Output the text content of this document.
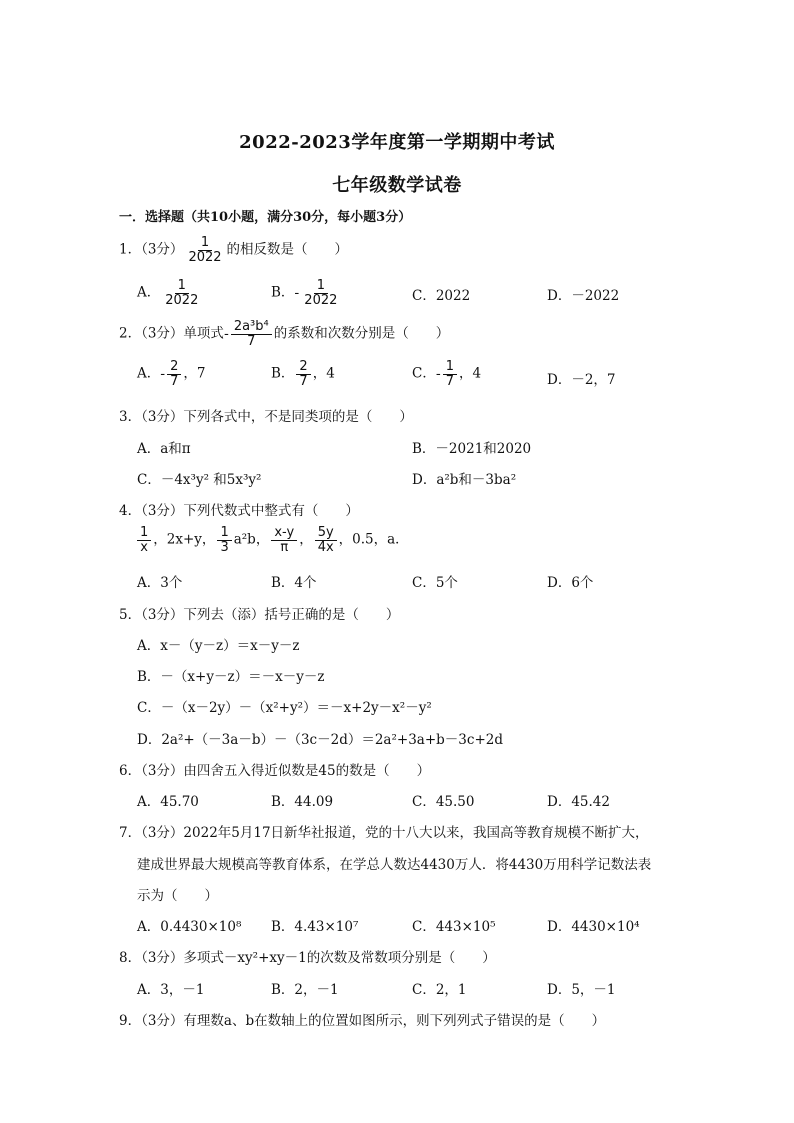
2022-2023学年度第一学期期中考试
七年级数学试卷
一．选择题（共10小题，满分30分，每小题3分）
1．（3分） $\frac{1}{2022}$ 的相反数是（　　）
A． $\frac{1}{2022}$	B．- $\frac{1}{2022}$	C．2022	D．－2022
2．（3分）单项式- $\frac{\text{2a³b⁴}}{7}$ 的系数和次数分别是（　　）
A．- $\frac{2}{7}$ ，7	B． $\frac{2}{7}$ ，4	C．- $\frac{1}{7}$ ，4	D．－2，7
3．（3分）下列各式中，不是同类项的是（　　）
A．a和π	B．－2021和2020
C．－4x³y² 和5x³y²	D．a²b和－3ba²
4．（3分）下列代数式中整式有（　　）
$\frac{1}{x}$ ，2x+y， $\frac{1}{3} a^2b$， $\frac{x-y}{\pi}$ ， $\frac{5y}{4x}$ ，0.5，a．
A．3个	B．4个	C．5个	D．6个
5．（3分）下列去（添）括号正确的是（　　）
A．x－（y－z）＝x－y－z
B．－（x+y－z）＝－x－y－z
C．－（x－2y）－（x²+y²）＝－x+2y－x²－y²
D．2a²+（－3a－b）－（3c－2d）＝2a²+3a+b－3c+2d
6．（3分）由四舍五入得近似数是45的数是（　　）
A．45.70	B．44.09	C．45.50	D．45.42
7．（3分）2022年5月17日新华社报道，党的十八大以来，我国高等教育规模不断扩大，
建成世界最大规模高等教育体系，在学总人数达4430万人．将4430万用科学记数法表
示为（　　）
A．0.4430×10⁸ B．4.43×10⁷	C．443×10⁵	D．4430×10⁴
8．（3分）多项式－xy²+xy－1的次数及常数项分别是（　　）
A．3，－1	B．2，－1	C．2，1	D．5，－1
9．（3分）有理数a、b在数轴上的位置如图所示，则下列列式子错误的是（　　）
